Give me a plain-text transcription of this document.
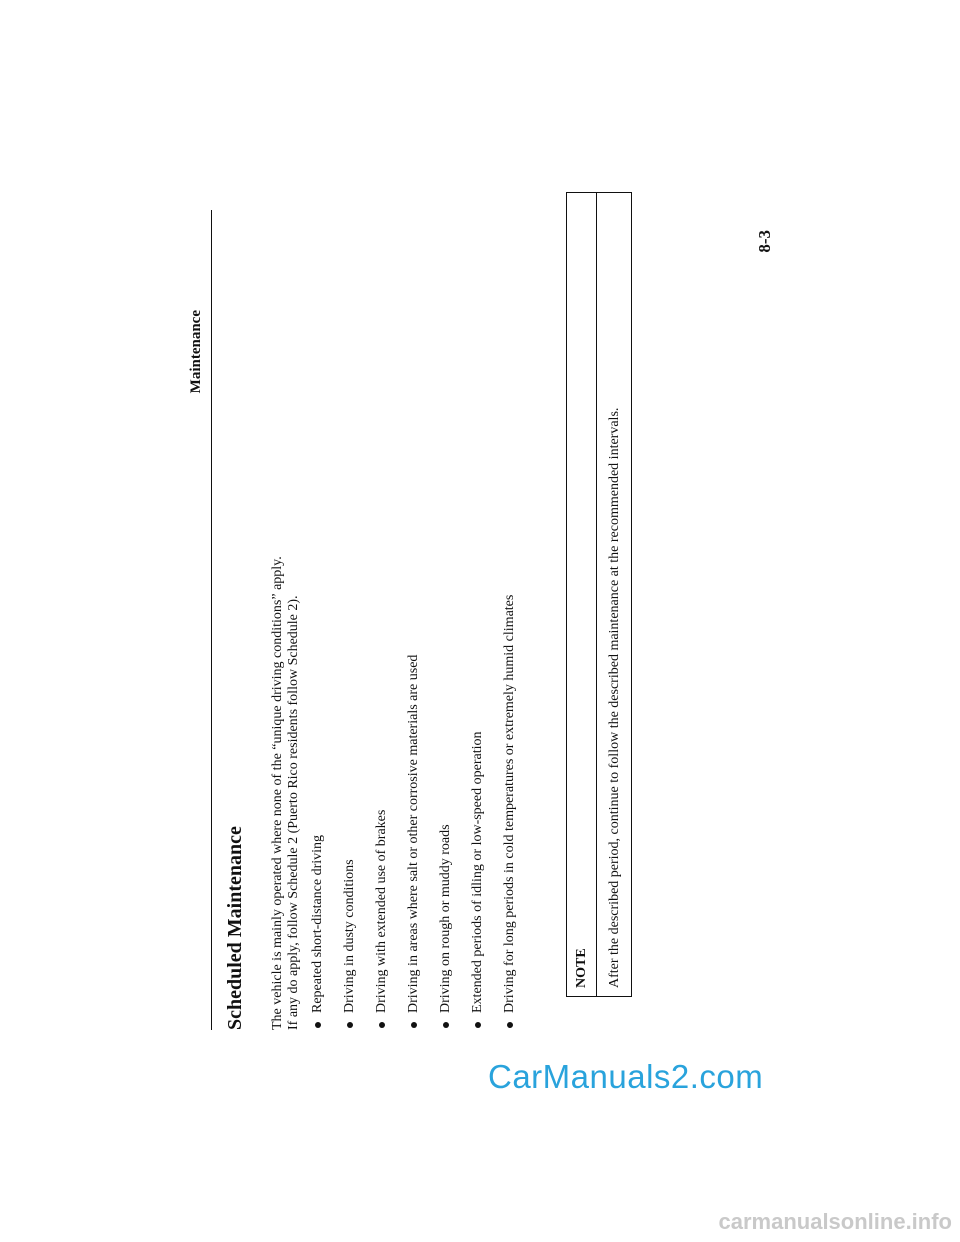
Maintenance
8-3
Scheduled Maintenance The vehicle is mainly operated where none of the “unique driving conditions” apply. If any do apply, follow Schedule 2 (Puerto Rico residents follow Schedule 2). Repeated short-distance driving Driving in dusty conditions Driving with extended use of brakes Driving in areas where salt or other corrosive materials are used Driving on rough or muddy roads Extended periods of idling or low-speed operation Driving for long periods in cold temperatures or extremely humid climates	NOTE	After the described period, continue to follow the described maintenance at the recommended intervals.
CarManuals2.com
carmanualsonline.info
